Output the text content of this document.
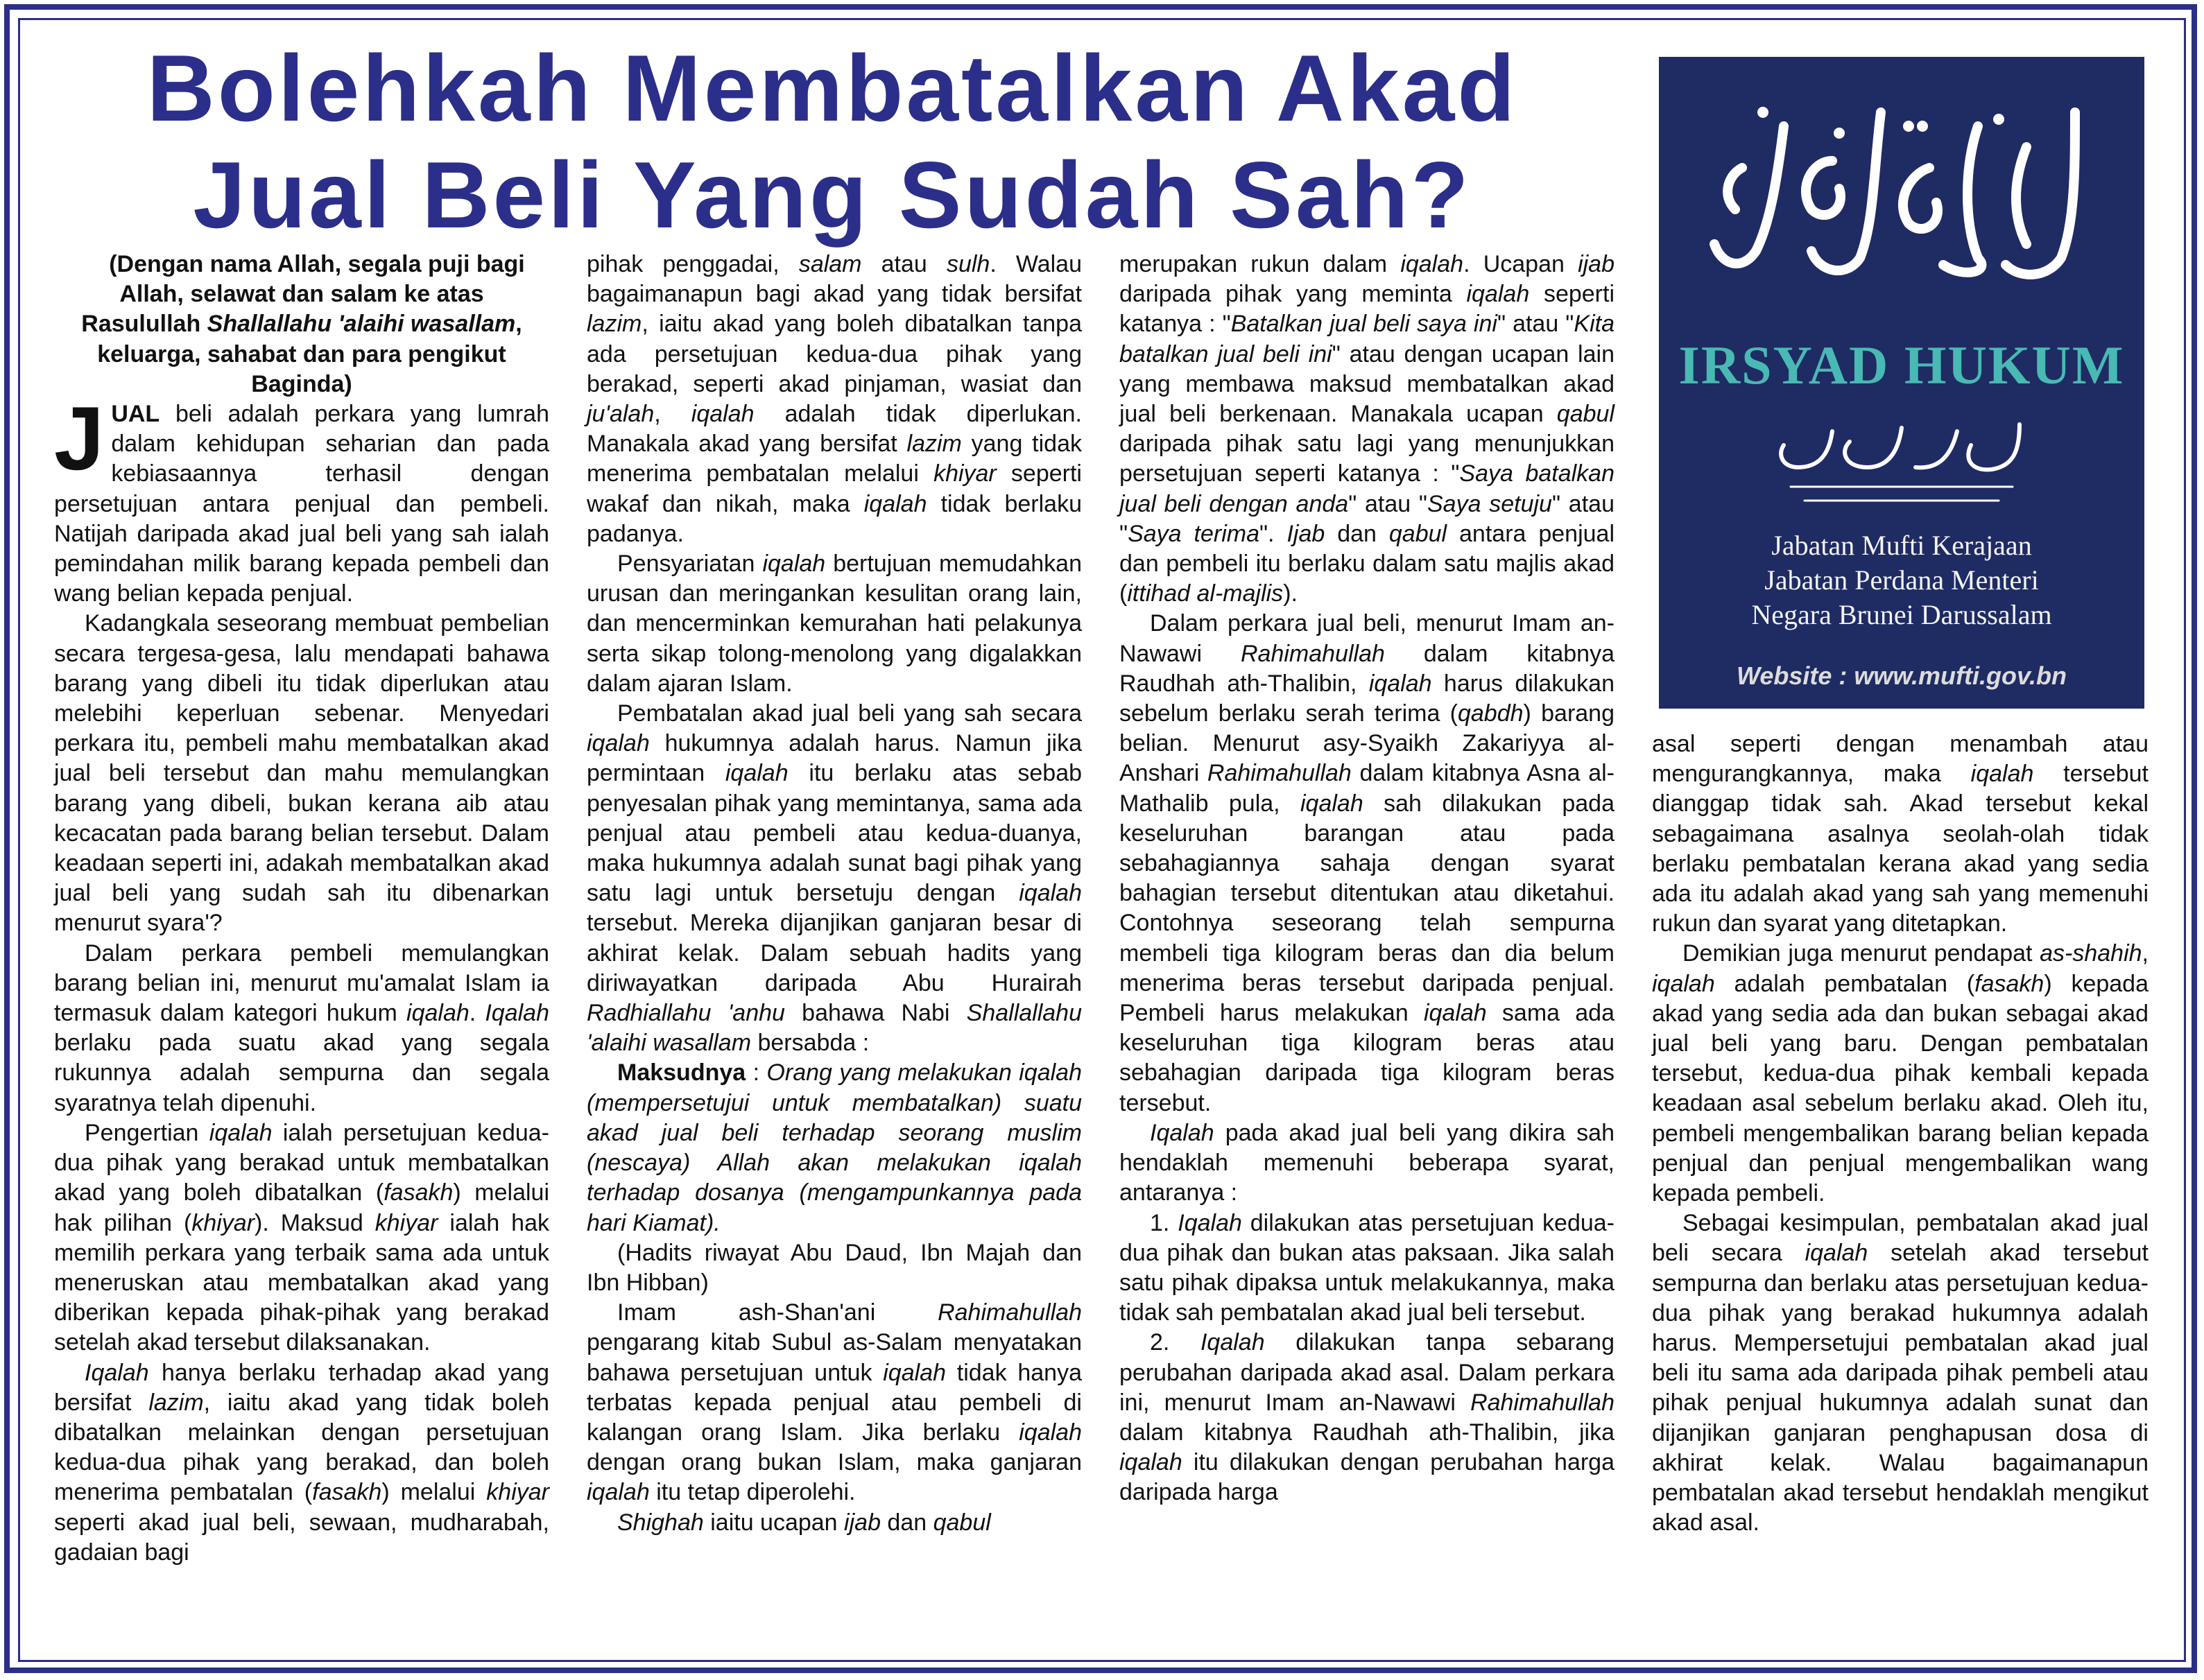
Bolehkah Membatalkan Akad
Jual Beli Yang Sudah Sah?
IRSYAD HUKUM
Jabatan Mufti Kerajaan
Jabatan Perdana Menteri
Negara Brunei Darussalam
Website : www.mufti.gov.bn

(Dengan nama Allah, segala puji bagi Allah, selawat dan salam ke atas Rasulullah Shallallahu 'alaihi wasallam, keluarga, sahabat dan para pengikut Baginda)

JUAL beli adalah perkara yang lumrah dalam kehidupan seharian dan pada kebiasaannya terhasil dengan persetujuan antara penjual dan pembeli. Natijah daripada akad jual beli yang sah ialah pemindahan milik barang kepada pembeli dan wang belian kepada penjual.

Kadangkala seseorang membuat pembelian secara tergesa-gesa, lalu mendapati bahawa barang yang dibeli itu tidak diperlukan atau melebihi keperluan sebenar. Menyedari perkara itu, pembeli mahu membatalkan akad jual beli tersebut dan mahu memulangkan barang yang dibeli, bukan kerana aib atau kecacatan pada barang belian tersebut. Dalam keadaan seperti ini, adakah membatalkan akad jual beli yang sudah sah itu dibenarkan menurut syara'?

Dalam perkara pembeli memulangkan barang belian ini, menurut mu'amalat Islam ia termasuk dalam kategori hukum iqalah. Iqalah berlaku pada suatu akad yang segala rukunnya adalah sempurna dan segala syaratnya telah dipenuhi.

Pengertian iqalah ialah persetujuan kedua-dua pihak yang berakad untuk membatalkan akad yang boleh dibatalkan (fasakh) melalui hak pilihan (khiyar). Maksud khiyar ialah hak memilih perkara yang terbaik sama ada untuk meneruskan atau membatalkan akad yang diberikan kepada pihak-pihak yang berakad setelah akad tersebut dilaksanakan.

Iqalah hanya berlaku terhadap akad yang bersifat lazim, iaitu akad yang tidak boleh dibatalkan melainkan dengan persetujuan kedua-dua pihak yang berakad, dan boleh menerima pembatalan (fasakh) melalui khiyar seperti akad jual beli, sewaan, mudharabah, gadaian bagi

pihak penggadai, salam atau sulh. Walau bagaimanapun bagi akad yang tidak bersifat lazim, iaitu akad yang boleh dibatalkan tanpa ada persetujuan kedua-dua pihak yang berakad, seperti akad pinjaman, wasiat dan ju'alah, iqalah adalah tidak diperlukan. Manakala akad yang bersifat lazim yang tidak menerima pembatalan melalui khiyar seperti wakaf dan nikah, maka iqalah tidak berlaku padanya.

Pensyariatan iqalah bertujuan memudahkan urusan dan meringankan kesulitan orang lain, dan mencerminkan kemurahan hati pelakunya serta sikap tolong-menolong yang digalakkan dalam ajaran Islam.

Pembatalan akad jual beli yang sah secara iqalah hukumnya adalah harus. Namun jika permintaan iqalah itu berlaku atas sebab penyesalan pihak yang memintanya, sama ada penjual atau pembeli atau kedua-duanya, maka hukumnya adalah sunat bagi pihak yang satu lagi untuk bersetuju dengan iqalah tersebut. Mereka dijanjikan ganjaran besar di akhirat kelak. Dalam sebuah hadits yang diriwayatkan daripada Abu Hurairah Radhiallahu 'anhu bahawa Nabi Shallallahu 'alaihi wasallam bersabda :

Maksudnya : Orang yang melakukan iqalah (mempersetujui untuk membatalkan) suatu akad jual beli terhadap seorang muslim (nescaya) Allah akan melakukan iqalah terhadap dosanya (mengampunkannya pada hari Kiamat).

(Hadits riwayat Abu Daud, Ibn Majah dan Ibn Hibban)

Imam ash-Shan'ani Rahimahullah pengarang kitab Subul as-Salam menyatakan bahawa persetujuan untuk iqalah tidak hanya terbatas kepada penjual atau pembeli di kalangan orang Islam. Jika berlaku iqalah dengan orang bukan Islam, maka ganjaran iqalah itu tetap diperolehi.

Shighah iaitu ucapan ijab dan qabul

merupakan rukun dalam iqalah. Ucapan ijab daripada pihak yang meminta iqalah seperti katanya : "Batalkan jual beli saya ini" atau "Kita batalkan jual beli ini" atau dengan ucapan lain yang membawa maksud membatalkan akad jual beli berkenaan. Manakala ucapan qabul daripada pihak satu lagi yang menunjukkan persetujuan seperti katanya : "Saya batalkan jual beli dengan anda" atau "Saya setuju" atau "Saya terima". Ijab dan qabul antara penjual dan pembeli itu berlaku dalam satu majlis akad (ittihad al-majlis).

Dalam perkara jual beli, menurut Imam an-Nawawi Rahimahullah dalam kitabnya Raudhah ath-Thalibin, iqalah harus dilakukan sebelum berlaku serah terima (qabdh) barang belian. Menurut asy-Syaikh Zakariyya al-Anshari Rahimahullah dalam kitabnya Asna al-Mathalib pula, iqalah sah dilakukan pada keseluruhan barangan atau pada sebahagiannya sahaja dengan syarat bahagian tersebut ditentukan atau diketahui. Contohnya seseorang telah sempurna membeli tiga kilogram beras dan dia belum menerima beras tersebut daripada penjual. Pembeli harus melakukan iqalah sama ada keseluruhan tiga kilogram beras atau sebahagian daripada tiga kilogram beras tersebut.

Iqalah pada akad jual beli yang dikira sah hendaklah memenuhi beberapa syarat, antaranya :

1. Iqalah dilakukan atas persetujuan kedua-dua pihak dan bukan atas paksaan. Jika salah satu pihak dipaksa untuk melakukannya, maka tidak sah pembatalan akad jual beli tersebut.

2. Iqalah dilakukan tanpa sebarang perubahan daripada akad asal. Dalam perkara ini, menurut Imam an-Nawawi Rahimahullah dalam kitabnya Raudhah ath-Thalibin, jika iqalah itu dilakukan dengan perubahan harga daripada harga

asal seperti dengan menambah atau mengurangkannya, maka iqalah tersebut dianggap tidak sah. Akad tersebut kekal sebagaimana asalnya seolah-olah tidak berlaku pembatalan kerana akad yang sedia ada itu adalah akad yang sah yang memenuhi rukun dan syarat yang ditetapkan.

Demikian juga menurut pendapat as-shahih, iqalah adalah pembatalan (fasakh) kepada akad yang sedia ada dan bukan sebagai akad jual beli yang baru. Dengan pembatalan tersebut, kedua-dua pihak kembali kepada keadaan asal sebelum berlaku akad. Oleh itu, pembeli mengembalikan barang belian kepada penjual dan penjual mengembalikan wang kepada pembeli.

Sebagai kesimpulan, pembatalan akad jual beli secara iqalah setelah akad tersebut sempurna dan berlaku atas persetujuan kedua-dua pihak yang berakad hukumnya adalah harus. Mempersetujui pembatalan akad jual beli itu sama ada daripada pihak pembeli atau pihak penjual hukumnya adalah sunat dan dijanjikan ganjaran penghapusan dosa di akhirat kelak. Walau bagaimanapun pembatalan akad tersebut hendaklah mengikut akad asal.
